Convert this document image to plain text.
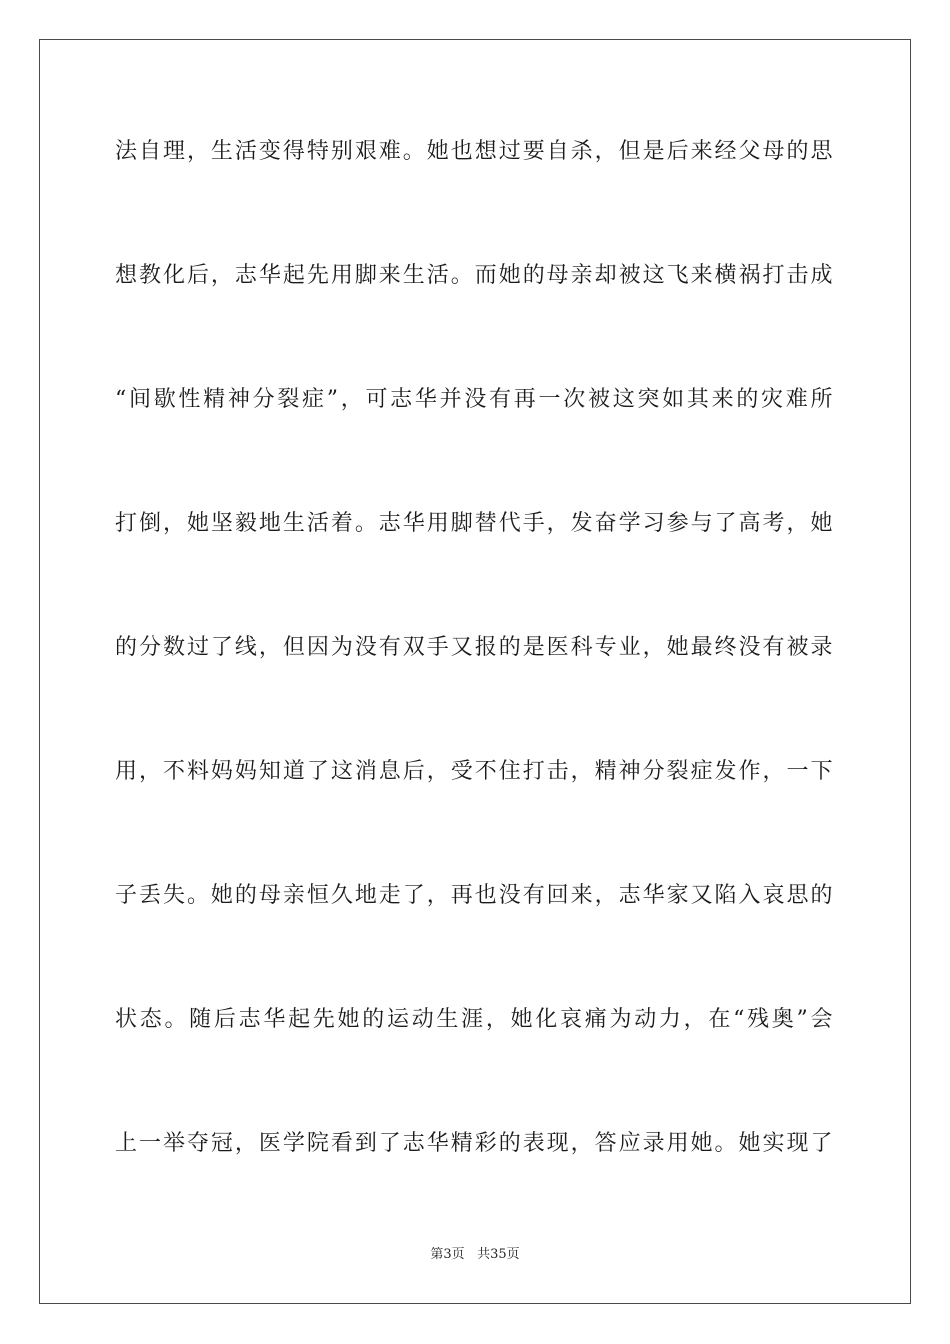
法自理，生活变得特别艰难。她也想过要自杀，但是后来经父母的思

想教化后，志华起先用脚来生活。而她的母亲却被这飞来横祸打击成

“间歇性精神分裂症”，可志华并没有再一次被这突如其来的灾难所

打倒，她坚毅地生活着。志华用脚替代手，发奋学习参与了高考，她

的分数过了线，但因为没有双手又报的是医科专业，她最终没有被录

用，不料妈妈知道了这消息后，受不住打击，精神分裂症发作，一下

子丢失。她的母亲恒久地走了，再也没有回来，志华家又陷入哀思的

状态。随后志华起先她的运动生涯，她化哀痛为动力，在“残奥”会

上一举夺冠，医学院看到了志华精彩的表现，答应录用她。她实现了

第3页 共35页
